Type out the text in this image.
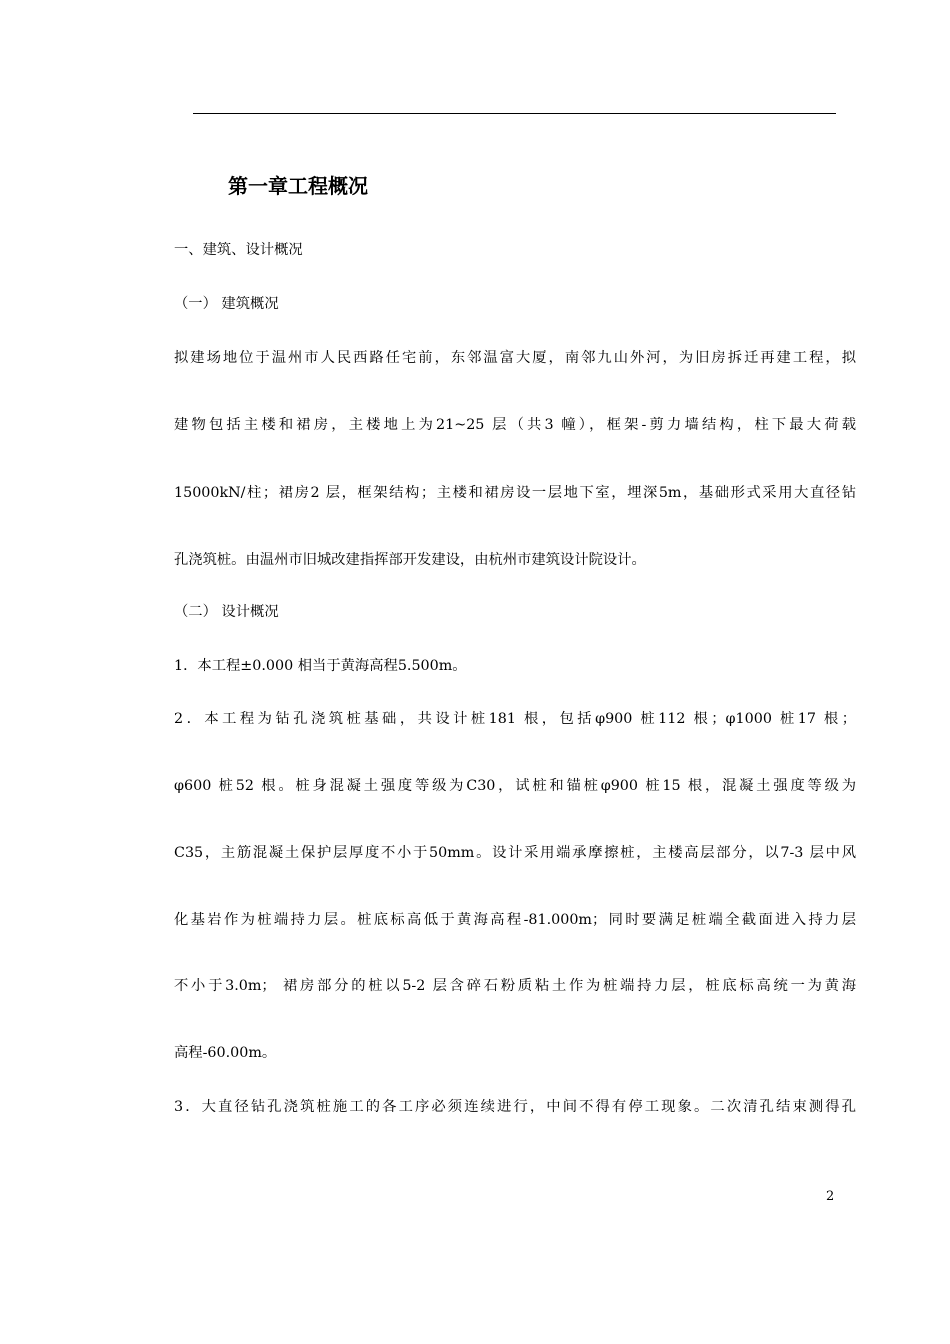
第一章工程概况
一、建筑、设计概况
（一） 建筑概况
拟建场地位于温州市人民西路任宅前，东邻温富大厦，南邻九山外河，为旧房拆迁再建工程，拟
建物包括主楼和裙房，主楼地上为21~25 层（共3 幢），框架-剪力墙结构，柱下最大荷载
15000kN/柱；裙房2 层，框架结构；主楼和裙房设一层地下室，埋深5m，基础形式采用大直径钻
孔浇筑桩。由温州市旧城改建指挥部开发建设，由杭州市建筑设计院设计。
（二） 设计概况
1．本工程±0.000 相当于黄海高程5.500m。
2．本工程为钻孔浇筑桩基础，共设计桩181 根，包括φ900 桩112 根；φ1000 桩17 根；
φ600 桩52 根。桩身混凝土强度等级为C30，试桩和锚桩φ900 桩15 根，混凝土强度等级为
C35，主筋混凝土保护层厚度不小于50mm。设计采用端承摩擦桩，主楼高层部分，以7-3 层中风
化基岩作为桩端持力层。桩底标高低于黄海高程-81.000m；同时要满足桩端全截面进入持力层
不小于3.0m； 裙房部分的桩以5-2 层含碎石粉质粘土作为桩端持力层，桩底标高统一为黄海
高程-60.00m。
3．大直径钻孔浇筑桩施工的各工序必须连续进行，中间不得有停工现象。二次清孔结束测得孔
2
